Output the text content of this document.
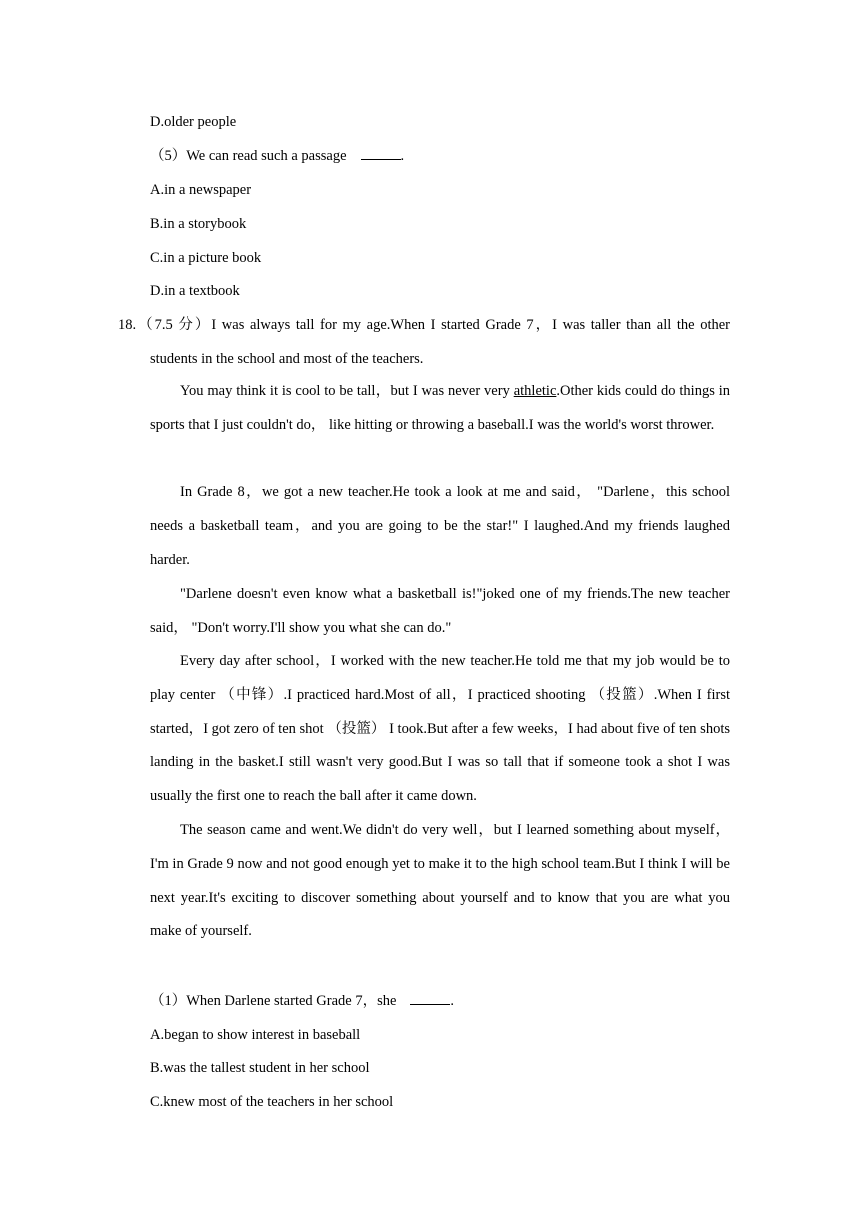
D.older people
（5）We can read such a passage	.
A.in a newspaper
B.in a storybook
C.in a picture book
D.in a textbook
18.（7.5 分）I was always tall for my age.When I started Grade 7，I was taller than all the other
students in the school and most of the teachers.
You may think it is cool to be tall，but I was never very athletic.Other kids could do things in sports that I just couldn't do， like hitting or throwing a baseball.I was the world's worst thrower.
In Grade 8，we got a new teacher.He took a look at me and said， "Darlene，this school needs a basketball team，and you are going to be the star!" I laughed.And my friends laughed harder.
"Darlene doesn't even know what a basketball is!"joked one of my friends.The new teacher said， "Don't worry.I'll show you what she can do."
Every day after school，I worked with the new teacher.He told me that my job would be to play center （中锋）.I practiced hard.Most of all，I practiced shooting （投篮）.When I first started，I got zero of ten shot （投篮） I took.But after a few weeks，I had about five of ten shots landing in the basket.I still wasn't very good.But I was so tall that if someone took a shot I was usually the first one to reach the ball after it came down.
The season came and went.We didn't do very well，but I learned something about myself，I'm in Grade 9 now and not good enough yet to make it to the high school team.But I think I will be next year.It's exciting to discover something about yourself and to know that you are what you make of yourself.
（1）When Darlene started Grade 7，she	.
A.began to show interest in baseball
B.was the tallest student in her school
C.knew most of the teachers in her school
